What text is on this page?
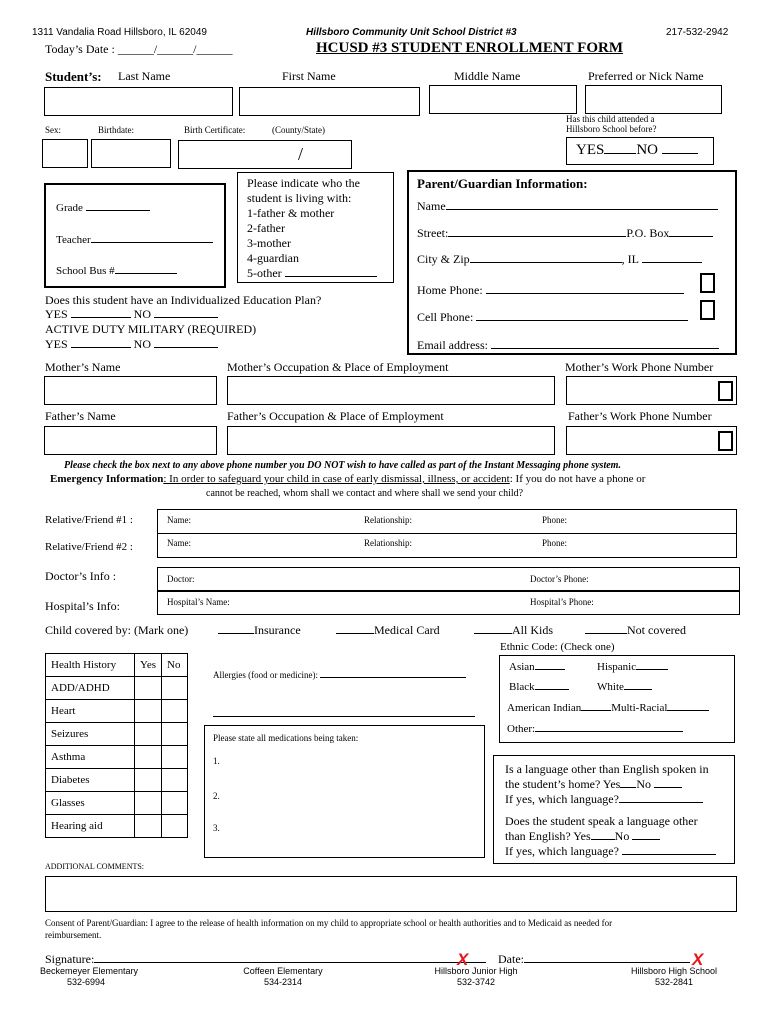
1311 Vandalia Road Hillsboro, IL 62049	Hillsboro Community Unit School District #3	217-532-2942
Today’s Date : ______/______/______	HCUSD #3 STUDENT ENROLLMENT FORM
Student’s: Last Name	First Name	Middle Name	Preferred or Nick Name
Sex:	Birthdate:	Birth Certificate:	(County/State)
Has this child attended a
Hillsboro School before?
/	YES NO
Grade
Teacher
School Bus #
Please indicate who the
student is living with:
1-father & mother
2-father
3-mother
4-guardian
5-other
Does this student have an Individualized Education Plan?
YES	NO
ACTIVE DUTY MILITARY (REQUIRED)
YES	NO
Parent/Guardian Information:
Name
Street:	P.O. Box
City & Zip	, IL
Home Phone:
Cell Phone:
Email address:
Mother’s Name	Mother’s Occupation & Place of Employment	Mother’s Work Phone Number
Father’s Name	Father’s Occupation & Place of Employment	Father’s Work Phone Number
Please check the box next to any above phone number you DO NOT wish to have called as part of the Instant Messaging phone system.
Emergency Information: In order to safeguard your child in case of early dismissal, illness, or accident: If you do not have a phone or
cannot be reached, whom shall we contact and where shall we send your child?
Relative/Friend #1 :	Name:	Relationship:	Phone:
Relative/Friend #2 :	Name:	Relationship:	Phone:
Doctor’s Info :	Doctor:	Doctor’s Phone:
Hospital’s Info:	Hospital’s Name:	Hospital’s Phone:
Child covered by: (Mark one)	Insurance	Medical Card	All Kids	Not covered
Ethnic Code: (Check one)
Health History	Yes	No
ADD/ADHD		
Heart		
Seizures		
Asthma		
Diabetes		
Glasses		
Hearing aid		
Allergies (food or medicine):
Please state all medications being taken:
1.
2.
3.
Asian	Hispanic
Black	White
American Indian	Multi-Racial
Other:
Is a language other than English spoken in
the student’s home? Yes No
If yes, which language?
Does the student speak a language other
than English? Yes No
If yes, which language?
ADDITIONAL COMMENTS:
Consent of Parent/Guardian: I agree to the release of health information on my child to appropriate school or health authorities and to Medicaid as needed for
reimbursement.
Signature:	X Date:	X
Beckemeyer Elementary
532-6994
Coffeen Elementary
534-2314
Hillsboro Junior High
532-3742
Hillsboro High School
532-2841
